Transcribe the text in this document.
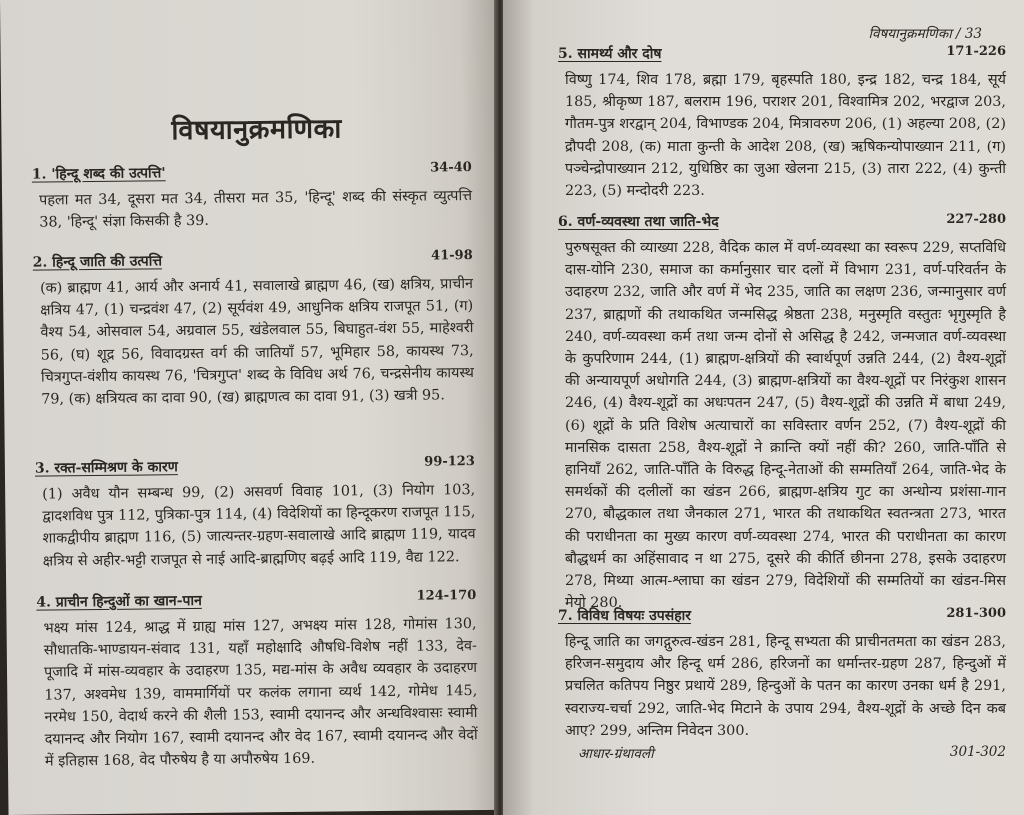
विषयानुक्रमणिका
1. 'हिन्दू शब्द की उत्पत्ति'	34-40
पहला मत 34, दूसरा मत 34, तीसरा मत 35, 'हिन्दू' शब्द की संस्कृत व्युत्पत्ति 38, 'हिन्दू' संज्ञा किसकी है 39.
2. हिन्दू जाति की उत्पत्ति	41-98
(क) ब्राह्मण 41, आर्य और अनार्य 41, सवालाखे ब्राह्मण 46, (ख) क्षत्रिय, प्राचीन क्षत्रिय 47, (1) चन्द्रवंश 47, (2) सूर्यवंश 49, आधुनिक क्षत्रिय राजपूत 51, (ग) वैश्य 54, ओसवाल 54, अग्रवाल 55, खंडेलवाल 55, बिघाहुत-वंश 55, माहेश्वरी 56, (घ) शूद्र 56, विवादग्रस्त वर्ग की जातियाँ 57, भूमिहार 58, कायस्थ 73, चित्रगुप्त-वंशीय कायस्थ 76, 'चित्रगुप्त' शब्द के विविध अर्थ 76, चन्द्रसेनीय कायस्थ 79, (क) क्षत्रियत्व का दावा 90, (ख) ब्राह्मणत्व का दावा 91, (3) खत्री 95.
3. रक्त-सम्मिश्रण के कारण	99-123
(1) अवैध यौन सम्बन्ध 99, (2) असवर्ण विवाह 101, (3) नियोग 103, द्वादशविध पुत्र 112, पुत्रिका-पुत्र 114, (4) विदेशियों का हिन्दूकरण राजपूत 115, शाकद्वीपीय ब्राह्मण 116, (5) जात्यन्तर-ग्रहण-सवालाखे आदि ब्राह्मण 119, यादव क्षत्रिय से अहीर-भट्टी राजपूत से नाई आदि-ब्राह्मणिए बढ़ई आदि 119, वैद्य 122.
4. प्राचीन हिन्दुओं का खान-पान	124-170
भक्ष्य मांस 124, श्राद्ध में ग्राह्य मांस 127, अभक्ष्य मांस 128, गोमांस 130, सौधातकि-भाण्डायन-संवाद 131, यहाँ महोक्षादि औषधि-विशेष नहीं 133, देव-पूजादि में मांस-व्यवहार के उदाहरण 135, मद्य-मांस के अवैध व्यवहार के उदाहरण 137, अश्वमेध 139, वाममार्गियों पर कलंक लगाना व्यर्थ 142, गोमेध 145, नरमेध 150, वेदार्थ करने की शैली 153, स्वामी दयानन्द और अन्धविश्वासः स्वामी दयानन्द और नियोग 167, स्वामी दयानन्द और वेद 167, स्वामी दयानन्द और वेदों में इतिहास 168, वेद पौरुषेय है या अपौरुषेय 169.
विषयानुक्रमणिका / 33
5. सामर्थ्य और दोष	171-226
विष्णु 174, शिव 178, ब्रह्मा 179, बृहस्पति 180, इन्द्र 182, चन्द्र 184, सूर्य 185, श्रीकृष्ण 187, बलराम 196, पराशर 201, विश्वामित्र 202, भरद्वाज 203, गौतम-पुत्र शरद्वान् 204, विभाण्डक 204, मित्रावरुण 206, (1) अहल्या 208, (2) द्रौपदी 208, (क) माता कुन्ती के आदेश 208, (ख) ऋषिकन्योपाख्यान 211, (ग) पञ्चेन्द्रोपाख्यान 212, युधिष्ठिर का जुआ खेलना 215, (3) तारा 222, (4) कुन्ती 223, (5) मन्दोदरी 223.
6. वर्ण-व्यवस्था तथा जाति-भेद	227-280
पुरुषसूक्त की व्याख्या 228, वैदिक काल में वर्ण-व्यवस्था का स्वरूप 229, सप्तविधि दास-योनि 230, समाज का कर्मानुसार चार दलों में विभाग 231, वर्ण-परिवर्तन के उदाहरण 232, जाति और वर्ण में भेद 235, जाति का लक्षण 236, जन्मानुसार वर्ण 237, ब्राह्मणों की तथाकथित जन्मसिद्ध श्रेष्ठता 238, मनुस्मृति वस्तुतः भृगुस्मृति है 240, वर्ण-व्यवस्था कर्म तथा जन्म दोनों से असिद्ध है 242, जन्मजात वर्ण-व्यवस्था के कुपरिणाम 244, (1) ब्राह्मण-क्षत्रियों की स्वार्थपूर्ण उन्नति 244, (2) वैश्य-शूद्रों की अन्यायपूर्ण अधोगति 244, (3) ब्राह्मण-क्षत्रियों का वैश्य-शूद्रों पर निरंकुश शासन 246, (4) वैश्य-शूद्रों का अधःपतन 247, (5) वैश्य-शूद्रों की उन्नति में बाधा 249, (6) शूद्रों के प्रति विशेष अत्याचारों का सविस्तार वर्णन 252, (7) वैश्य-शूद्रों की मानसिक दासता 258, वैश्य-शूद्रों ने क्रान्ति क्यों नहीं की? 260, जाति-पाँति से हानियाँ 262, जाति-पाँति के विरुद्ध हिन्दू-नेताओं की सम्मतियाँ 264, जाति-भेद के समर्थकों की दलीलों का खंडन 266, ब्राह्मण-क्षत्रिय गुट का अन्धोन्य प्रशंसा-गान 270, बौद्धकाल तथा जैनकाल 271, भारत की तथाकथित स्वतन्त्रता 273, भारत की पराधीनता का मुख्य कारण वर्ण-व्यवस्था 274, भारत की पराधीनता का कारण बौद्धधर्म का अहिंसावाद न था 275, दूसरे की कीर्ति छीनना 278, इसके उदाहरण 278, मिथ्या आत्म-श्लाघा का खंडन 279, विदेशियों की सम्मतियों का खंडन-मिस मेयो 280.
7. विविध विषयः उपसंहार	281-300
हिन्दू जाति का जगद्गुरुत्व-खंडन 281, हिन्दू सभ्यता की प्राचीनतमता का खंडन 283, हरिजन-समुदाय और हिन्दू धर्म 286, हरिजनों का धर्मान्तर-ग्रहण 287, हिन्दुओं में प्रचलित कतिपय निष्ठुर प्रथायें 289, हिन्दुओं के पतन का कारण उनका धर्म है 291, स्वराज्य-चर्चा 292, जाति-भेद मिटाने के उपाय 294, वैश्य-शूद्रों के अच्छे दिन कब आए? 299, अन्तिम निवेदन 300.
आधार-ग्रंथावली	301-302
